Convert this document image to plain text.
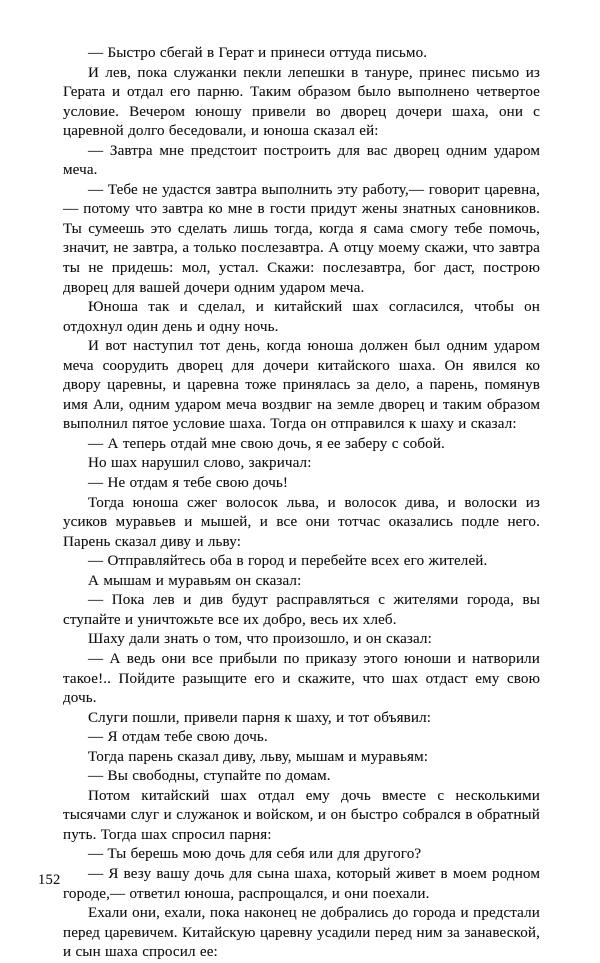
— Быстро сбегай в Герат и принеси оттуда письмо.

И лев, пока служанки пекли лепешки в тануре, принес письмо из Герата и отдал его парню. Таким образом было выполнено четвертое условие. Вечером юношу привели во дворец дочери шаха, они с царевной долго беседовали, и юноша сказал ей:

— Завтра мне предстоит построить для вас дворец одним ударом меча.

— Тебе не удастся завтра выполнить эту работу,— говорит царевна,— потому что завтра ко мне в гости придут жены знатных сановников. Ты сумеешь это сделать лишь тогда, когда я сама смогу тебе помочь, значит, не завтра, а только послезавтра. А отцу моему скажи, что завтра ты не придешь: мол, устал. Скажи: послезавтра, бог даст, построю дворец для вашей дочери одним ударом меча.

Юноша так и сделал, и китайский шах согласился, чтобы он отдохнул один день и одну ночь.

И вот наступил тот день, когда юноша должен был одним ударом меча соорудить дворец для дочери китайского шаха. Он явился ко двору царевны, и царевна тоже принялась за дело, а парень, помянув имя Али, одним ударом меча воздвиг на земле дворец и таким образом выполнил пятое условие шаха. Тогда он отправился к шаху и сказал:

— А теперь отдай мне свою дочь, я ее заберу с собой.

Но шах нарушил слово, закричал:

— Не отдам я тебе свою дочь!

Тогда юноша сжег волосок льва, и волосок дива, и волоски из усиков муравьев и мышей, и все они тотчас оказались подле него. Парень сказал диву и льву:

— Отправляйтесь оба в город и перебейте всех его жителей.

А мышам и муравьям он сказал:

— Пока лев и див будут расправляться с жителями города, вы ступайте и уничтожьте все их добро, весь их хлеб.

Шаху дали знать о том, что произошло, и он сказал:

— А ведь они все прибыли по приказу этого юноши и натворили такое!.. Пойдите разыщите его и скажите, что шах отдаст ему свою дочь.

Слуги пошли, привели парня к шаху, и тот объявил:

— Я отдам тебе свою дочь.

Тогда парень сказал диву, льву, мышам и муравьям:

— Вы свободны, ступайте по домам.

Потом китайский шах отдал ему дочь вместе с несколькими тысячами слуг и служанок и войском, и он быстро собрался в обратный путь. Тогда шах спросил парня:

— Ты берешь мою дочь для себя или для другого?

— Я везу вашу дочь для сына шаха, который живет в моем родном городе,— ответил юноша, распрощался, и они поехали.

Ехали они, ехали, пока наконец не добрались до города и предстали перед царевичем. Китайскую царевну усадили перед ним за занавеской, и сын шаха спросил ее:

152
